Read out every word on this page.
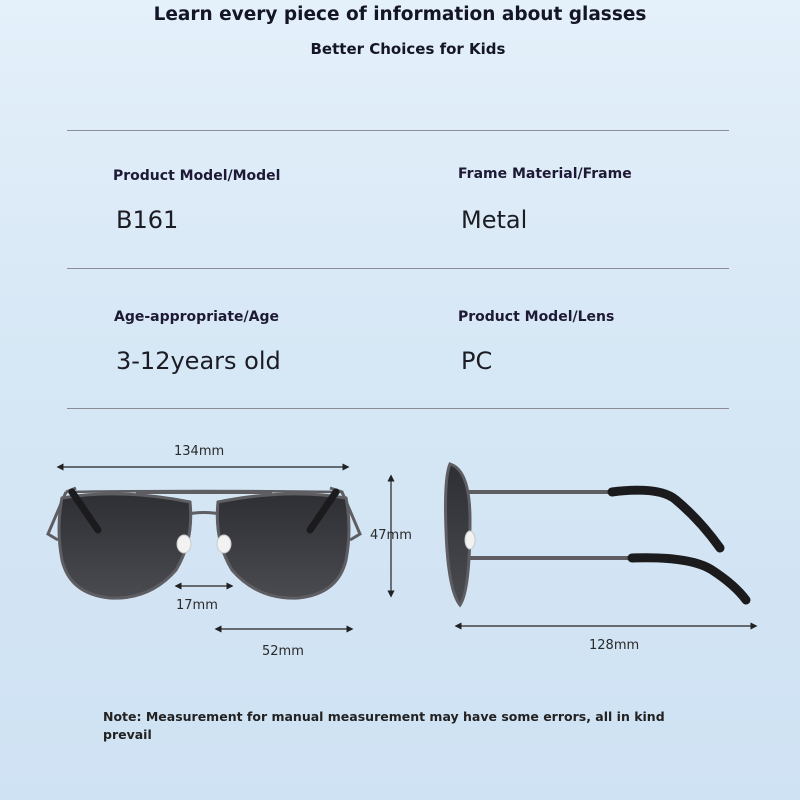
Learn every piece of information about glasses
Better Choices for Kids
Product Model/Model
B161
Frame Material/Frame
Metal
Age-appropriate/Age
3-12years old
Product Model/Lens
PC
134mm
47mm
17mm
52mm	128mm
Note: Measurement for manual measurement may have some errors, all in kind prevail
